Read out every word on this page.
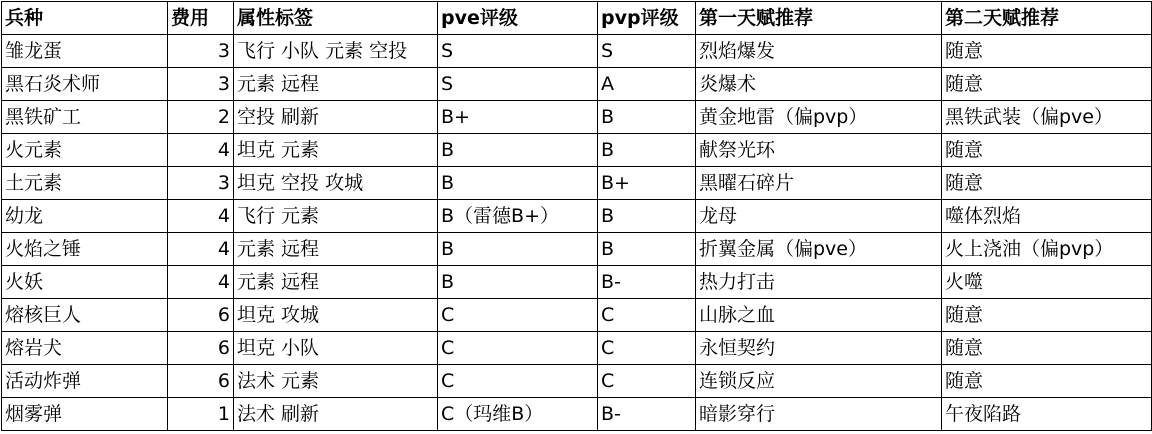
兵种	费用	属性标签	pve评级	pvp评级	第一天赋推荐	第二天赋推荐
雏龙蛋	3	飞行 小队 元素 空投	S	S	烈焰爆发	随意
黑石炎术师	3	元素 远程	S	A	炎爆术	随意
黑铁矿工	2	空投 刷新	B+	B	黄金地雷（偏pvp）	黑铁武装（偏pve）
火元素	4	坦克 元素	B	B	献祭光环	随意
土元素	3	坦克 空投 攻城	B	B+	黑曜石碎片	随意
幼龙	4	飞行 元素	B（雷德B+）	B	龙母	噬体烈焰
火焰之锤	4	元素 远程	B	B	折翼金属（偏pve）	火上浇油（偏pvp）
火妖	4	元素 远程	B	B-	热力打击	火噬
熔核巨人	6	坦克 攻城	C	C	山脉之血	随意
熔岩犬	6	坦克 小队	C	C	永恒契约	随意
活动炸弹	6	法术 元素	C	C	连锁反应	随意
烟雾弹	1	法术 刷新	C（玛维B）	B-	暗影穿行	午夜陷路
